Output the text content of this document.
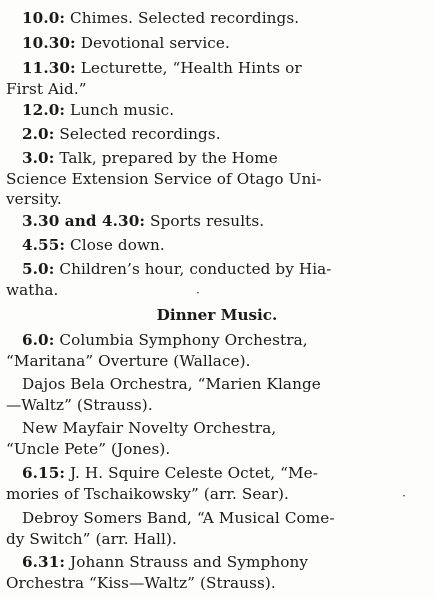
10.0: Chimes. Selected recordings.
10.30: Devotional service.
11.30: Lecturette, “Health Hints or
First Aid.”
12.0: Lunch music.
2.0: Selected recordings.
3.0: Talk, prepared by the Home
Science Extension Service of Otago Uni-
versity.
3.30 and 4.30: Sports results.
4.55: Close down.
5.0: Children’s hour, conducted by Hia-
watha.
Dinner Music.
6.0: Columbia Symphony Orchestra,
“Maritana” Overture (Wallace).
Dajos Bela Orchestra, “Marien Klange
—Waltz” (Strauss).
New Mayfair Novelty Orchestra,
“Uncle Pete” (Jones).
6.15: J. H. Squire Celeste Octet, “Me-
mories of Tschaikowsky” (arr. Sear).
Debroy Somers Band, “A Musical Come-
dy Switch” (arr. Hall).
6.31: Johann Strauss and Symphony
Orchestra “Kiss—Waltz” (Strauss).
·
·
